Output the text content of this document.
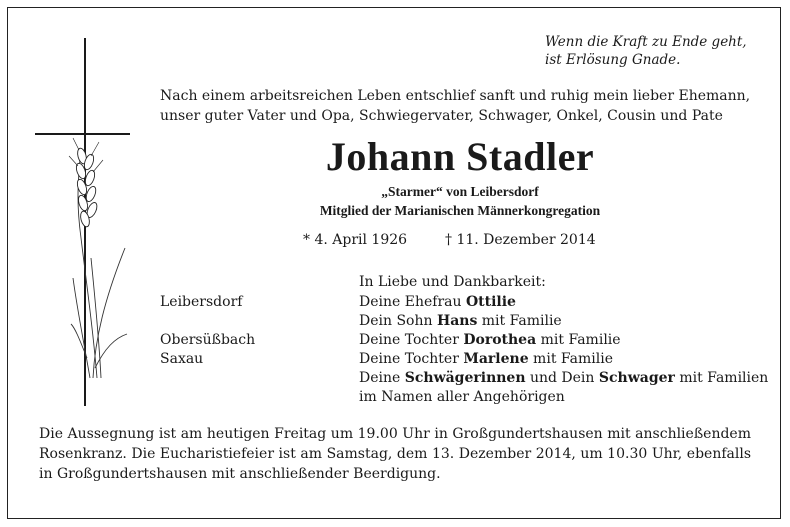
Wenn die Kraft zu Ende geht,
ist Erlösung Gnade.
Nach einem arbeitsreichen Leben entschlief sanft und ruhig mein lieber Ehemann,
unser guter Vater und Opa, Schwiegervater, Schwager, Onkel, Cousin und Pate
Johann Stadler
„Starmer“ von Leibersdorf
Mitglied der Marianischen Männerkongregation
* 4. April 1926	† 11. Dezember 2014
In Liebe und Dankbarkeit:
Leibersdorf	Deine Ehefrau Ottilie
Dein Sohn Hans mit Familie
Obersüßbach	Deine Tochter Dorothea mit Familie
Saxau	Deine Tochter Marlene mit Familie
Deine Schwägerinnen und Dein Schwager mit Familien
im Namen aller Angehörigen
Die Aussegnung ist am heutigen Freitag um 19.00 Uhr in Großgundertshausen mit anschließendem Rosenkranz. Die Eucharistiefeier ist am Samstag, dem 13. Dezember 2014, um 10.30 Uhr, ebenfalls in Großgundertshausen mit anschließender Beerdigung.
